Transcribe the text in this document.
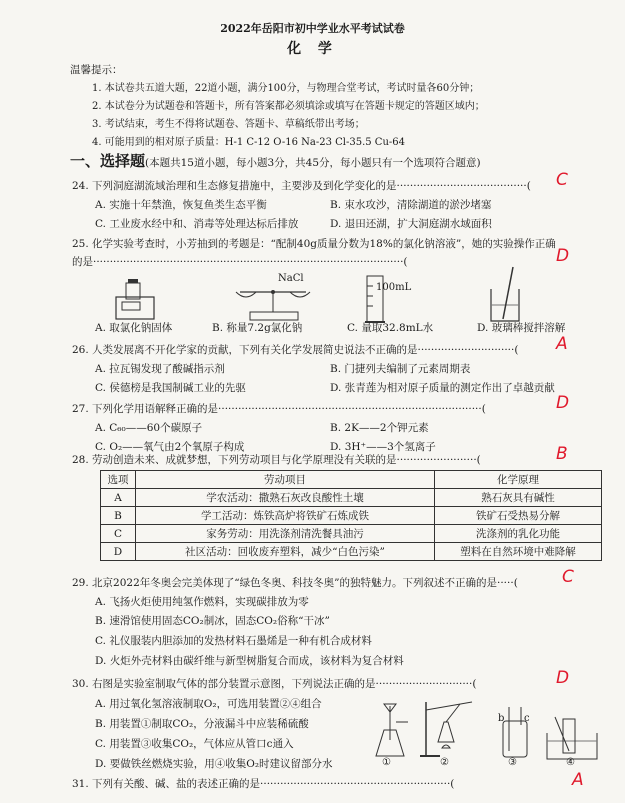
2022年岳阳市初中学业水平考试试卷
化 学
温馨提示：
1. 本试卷共五道大题，22道小题，满分100分，与物理合堂考试，考试时量各60分钟；
2. 本试卷分为试题卷和答题卡，所有答案都必须填涂或填写在答题卡规定的答题区域内；
3. 考试结束，考生不得将试题卷、答题卡、草稿纸带出考场；
4. 可能用到的相对原子质量：H-1 C-12 O-16 Na-23 Cl-35.5 Cu-64
一、选择题(本题共15道小题，每小题3分，共45分，每小题只有一个选项符合题意)
24. 下列洞庭湖流域治理和生态修复措施中，主要涉及到化学变化的是·······································( C
A. 实施十年禁渔，恢复鱼类生态平衡	B. 束水攻沙，清除湖道的淤沙堵塞
C. 工业废水经中和、消毒等处理达标后排放	D. 退田还湖，扩大洞庭湖水域面积
25. 化学实验考查时，小芳抽到的考题是：“配制40g质量分数为18%的氯化钠溶液”，她的实验操作正确
的是·····························································································(	D
NaCl
100mL
A. 取氯化钠固体	B. 称量7.2g氯化钠	C. 量取32.8mL水	D. 玻璃棒搅拌溶解
26. 人类发展离不开化学家的贡献，下列有关化学发展简史说法不正确的是·····························( A
A. 拉瓦锡发现了酸碱指示剂	B. 门捷列夫编制了元素周期表
C. 侯德榜是我国制碱工业的先驱	D. 张青莲为相对原子质量的测定作出了卓越贡献
27. 下列化学用语解释正确的是···············································································(	D
A. C₆₀——60个碳原子	B. 2K——2个钾元素
C. O₂——氧气由2个氧原子构成	D. 3H⁺——3个氢离子
28. 劳动创造未来、成就梦想，下列劳动项目与化学原理没有关联的是························(	B
选项	劳动项目	化学原理
A	学农活动：撒熟石灰改良酸性土壤	熟石灰具有碱性
B	学工活动：炼铁高炉将铁矿石炼成铁	铁矿石受热易分解
C	家务劳动：用洗涤剂清洗餐具油污	洗涤剂的乳化功能
D	社区活动：回收废弃塑料，减少“白色污染”	塑料在自然环境中难降解
29. 北京2022年冬奥会完美体现了“绿色冬奥、科技冬奥”的独特魅力。下列叙述不正确的是·····(	C
A. 飞扬火炬使用纯氢作燃料，实现碳排放为零
B. 速滑馆使用固态CO₂制冰，固态CO₂俗称“干冰”
C. 礼仪服装内胆添加的发热材料石墨烯是一种有机合成材料
D. 火炬外壳材料由碳纤维与新型树脂复合而成，该材料为复合材料
30. 右图是实验室制取气体的部分装置示意图，下列说法正确的是·····························(	D
A. 用过氧化氢溶液制取O₂，可选用装置②④组合
B. 用装置①制取CO₂，分液漏斗中应装稀硫酸
C. 用装置③收集CO₂，气体应从管口c通入
D. 要做铁丝燃烧实验，用④收集O₂时建议留部分水	①	②
b c
③	④
31. 下列有关酸、碱、盐的表述正确的是·························································(	A
